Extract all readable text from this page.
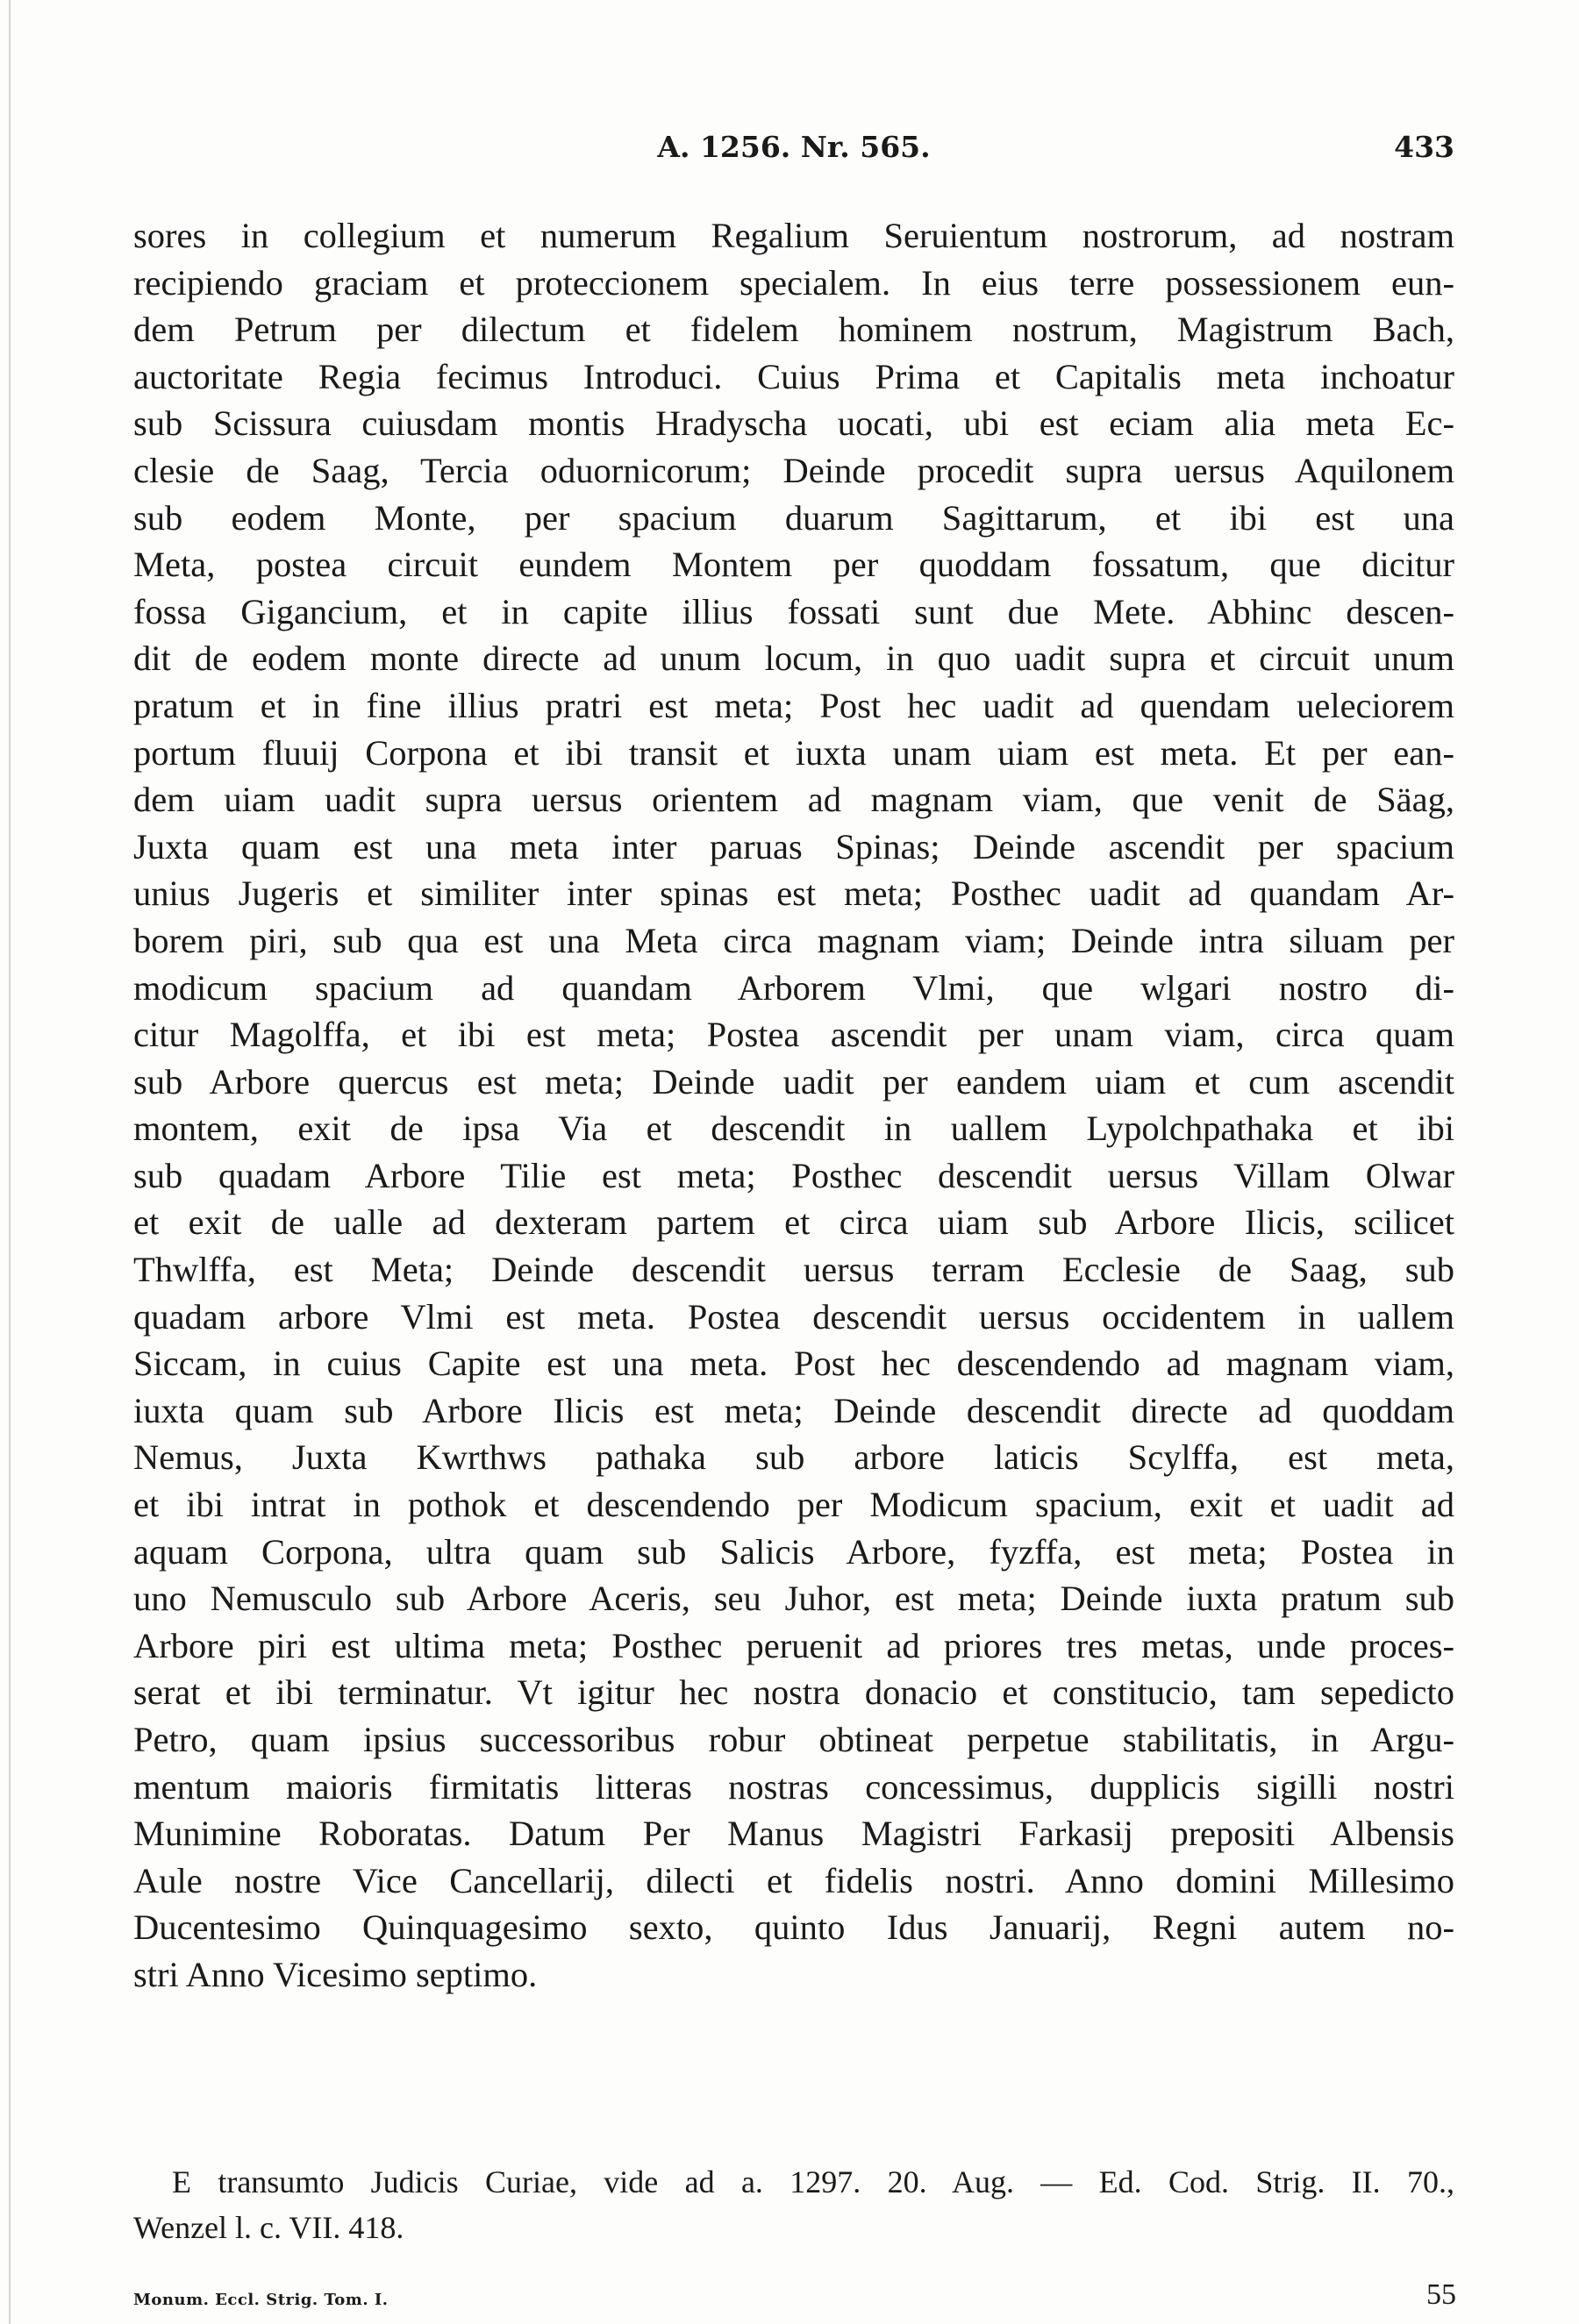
A. 1256. Nr. 565.	433
sores in collegium et numerum Regalium Seruientum nostrorum, ad nostram
recipiendo graciam et proteccionem specialem. In eius terre possessionem eun-
dem Petrum per dilectum et fidelem hominem nostrum, Magistrum Bach,
auctoritate Regia fecimus Introduci. Cuius Prima et Capitalis meta inchoatur
sub Scissura cuiusdam montis Hradyscha uocati, ubi est eciam alia meta Ec-
clesie de Saag, Tercia oduornicorum; Deinde procedit supra uersus Aquilonem
sub eodem Monte, per spacium duarum Sagittarum, et ibi est una
Meta, postea circuit eundem Montem per quoddam fossatum, que dicitur
fossa Gigancium, et in capite illius fossati sunt due Mete. Abhinc descen-
dit de eodem monte directe ad unum locum, in quo uadit supra et circuit unum
pratum et in fine illius pratri est meta; Post hec uadit ad quendam ueleciorem
portum fluuij Corpona et ibi transit et iuxta unam uiam est meta. Et per ean-
dem uiam uadit supra uersus orientem ad magnam viam, que venit de Säag,
Juxta quam est una meta inter paruas Spinas; Deinde ascendit per spacium
unius Jugeris et similiter inter spinas est meta; Posthec uadit ad quandam Ar-
borem piri, sub qua est una Meta circa magnam viam; Deinde intra siluam per
modicum spacium ad quandam Arborem Vlmi, que wlgari nostro di-
citur Magolffa, et ibi est meta; Postea ascendit per unam viam, circa quam
sub Arbore quercus est meta; Deinde uadit per eandem uiam et cum ascendit
montem, exit de ipsa Via et descendit in uallem Lypolchpathaka et ibi
sub quadam Arbore Tilie est meta; Posthec descendit uersus Villam Olwar
et exit de ualle ad dexteram partem et circa uiam sub Arbore Ilicis, scilicet
Thwlffa, est Meta; Deinde descendit uersus terram Ecclesie de Saag, sub
quadam arbore Vlmi est meta. Postea descendit uersus occidentem in uallem
Siccam, in cuius Capite est una meta. Post hec descendendo ad magnam viam,
iuxta quam sub Arbore Ilicis est meta; Deinde descendit directe ad quoddam
Nemus, Juxta Kwrthws pathaka sub arbore laticis Scylffa, est meta,
et ibi intrat in pothok et descendendo per Modicum spacium, exit et uadit ad
aquam Corpona, ultra quam sub Salicis Arbore, fyzffa, est meta; Postea in
uno Nemusculo sub Arbore Aceris, seu Juhor, est meta; Deinde iuxta pratum sub
Arbore piri est ultima meta; Posthec peruenit ad priores tres metas, unde proces-
serat et ibi terminatur. Vt igitur hec nostra donacio et constitucio, tam sepedicto
Petro, quam ipsius successoribus robur obtineat perpetue stabilitatis, in Argu-
mentum maioris firmitatis litteras nostras concessimus, dupplicis sigilli nostri
Munimine Roboratas. Datum Per Manus Magistri Farkasij prepositi Albensis
Aule nostre Vice Cancellarij, dilecti et fidelis nostri. Anno domini Millesimo
Ducentesimo Quinquagesimo sexto, quinto Idus Januarij, Regni autem no-
stri Anno Vicesimo septimo.
E transumto Judicis Curiae, vide ad a. 1297. 20. Aug. — Ed. Cod. Strig. II. 70.,
Wenzel l. c. VII. 418.
Monum. Eccl. Strig. Tom. I.	55
